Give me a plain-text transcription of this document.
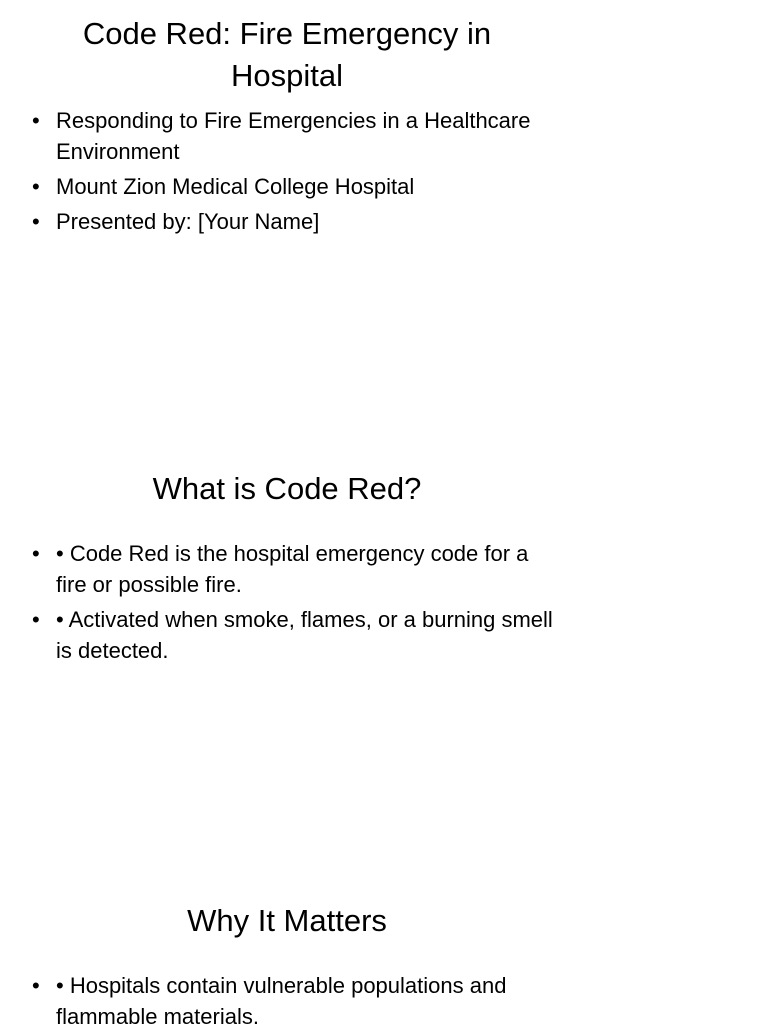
Code Red: Fire Emergency in Hospital
• Responding to Fire Emergencies in a Healthcare Environment
• Mount Zion Medical College Hospital
• Presented by: [Your Name]
What is Code Red?
• • Code Red is the hospital emergency code for a fire or possible fire.
• • Activated when smoke, flames, or a burning smell is detected.
Why It Matters
• • Hospitals contain vulnerable populations and flammable materials.
